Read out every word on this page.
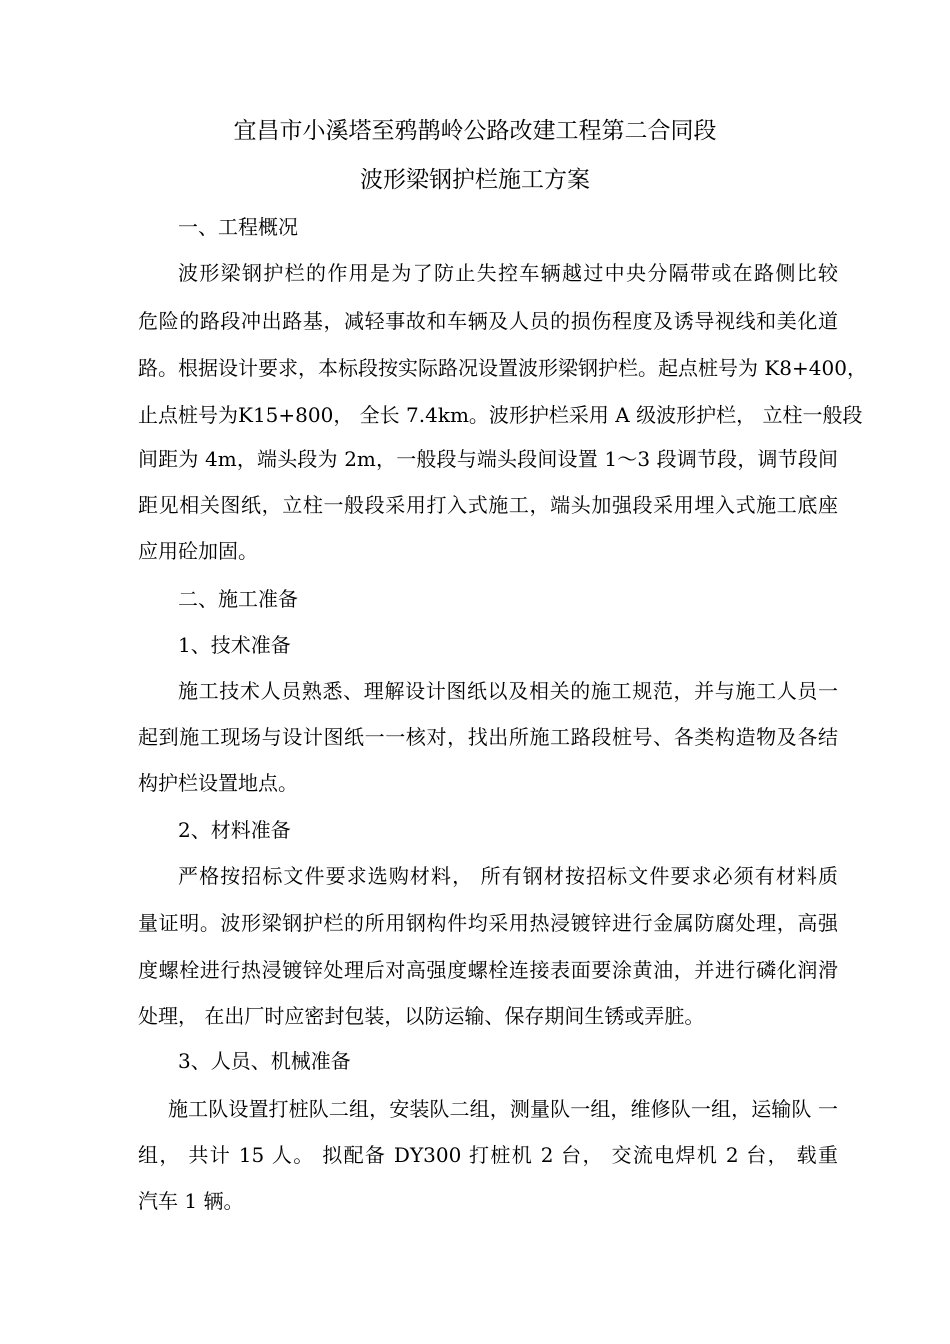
宜昌市小溪塔至鸦鹊岭公路改建工程第二合同段
波形梁钢护栏施工方案
一、工程概况
波形梁钢护栏的作用是为了防止失控车辆越过中央分隔带或在路侧比较
危险的路段冲出路基，减轻事故和车辆及人员的损伤程度及诱导视线和美化道
路。根据设计要求，本标段按实际路况设置波形梁钢护栏。起点桩号为 K8+400，
止点桩号为K15+800， 全长 7.4km。波形护栏采用 A 级波形护栏， 立柱一般段
间距为 4m，端头段为 2m，一般段与端头段间设置 1～3 段调节段，调节段间
距见相关图纸，立柱一般段采用打入式施工，端头加强段采用埋入式施工底座
应用砼加固。
二、施工准备
1、技术准备
施工技术人员熟悉、理解设计图纸以及相关的施工规范，并与施工人员一
起到施工现场与设计图纸一一核对，找出所施工路段桩号、各类构造物及各结
构护栏设置地点。
2、材料准备
严格按招标文件要求选购材料， 所有钢材按招标文件要求必须有材料质
量证明。波形梁钢护栏的所用钢构件均采用热浸镀锌进行金属防腐处理，高强
度螺栓进行热浸镀锌处理后对高强度螺栓连接表面要涂黄油，并进行磷化润滑
处理， 在出厂时应密封包装，以防运输、保存期间生锈或弄脏。
3、人员、机械准备
施工队设置打桩队二组，安装队二组，测量队一组，维修队一组，运输队 一
组， 共计 15 人。 拟配备 DY300 打桩机 2 台， 交流电焊机 2 台， 载重
汽车 1 辆。
